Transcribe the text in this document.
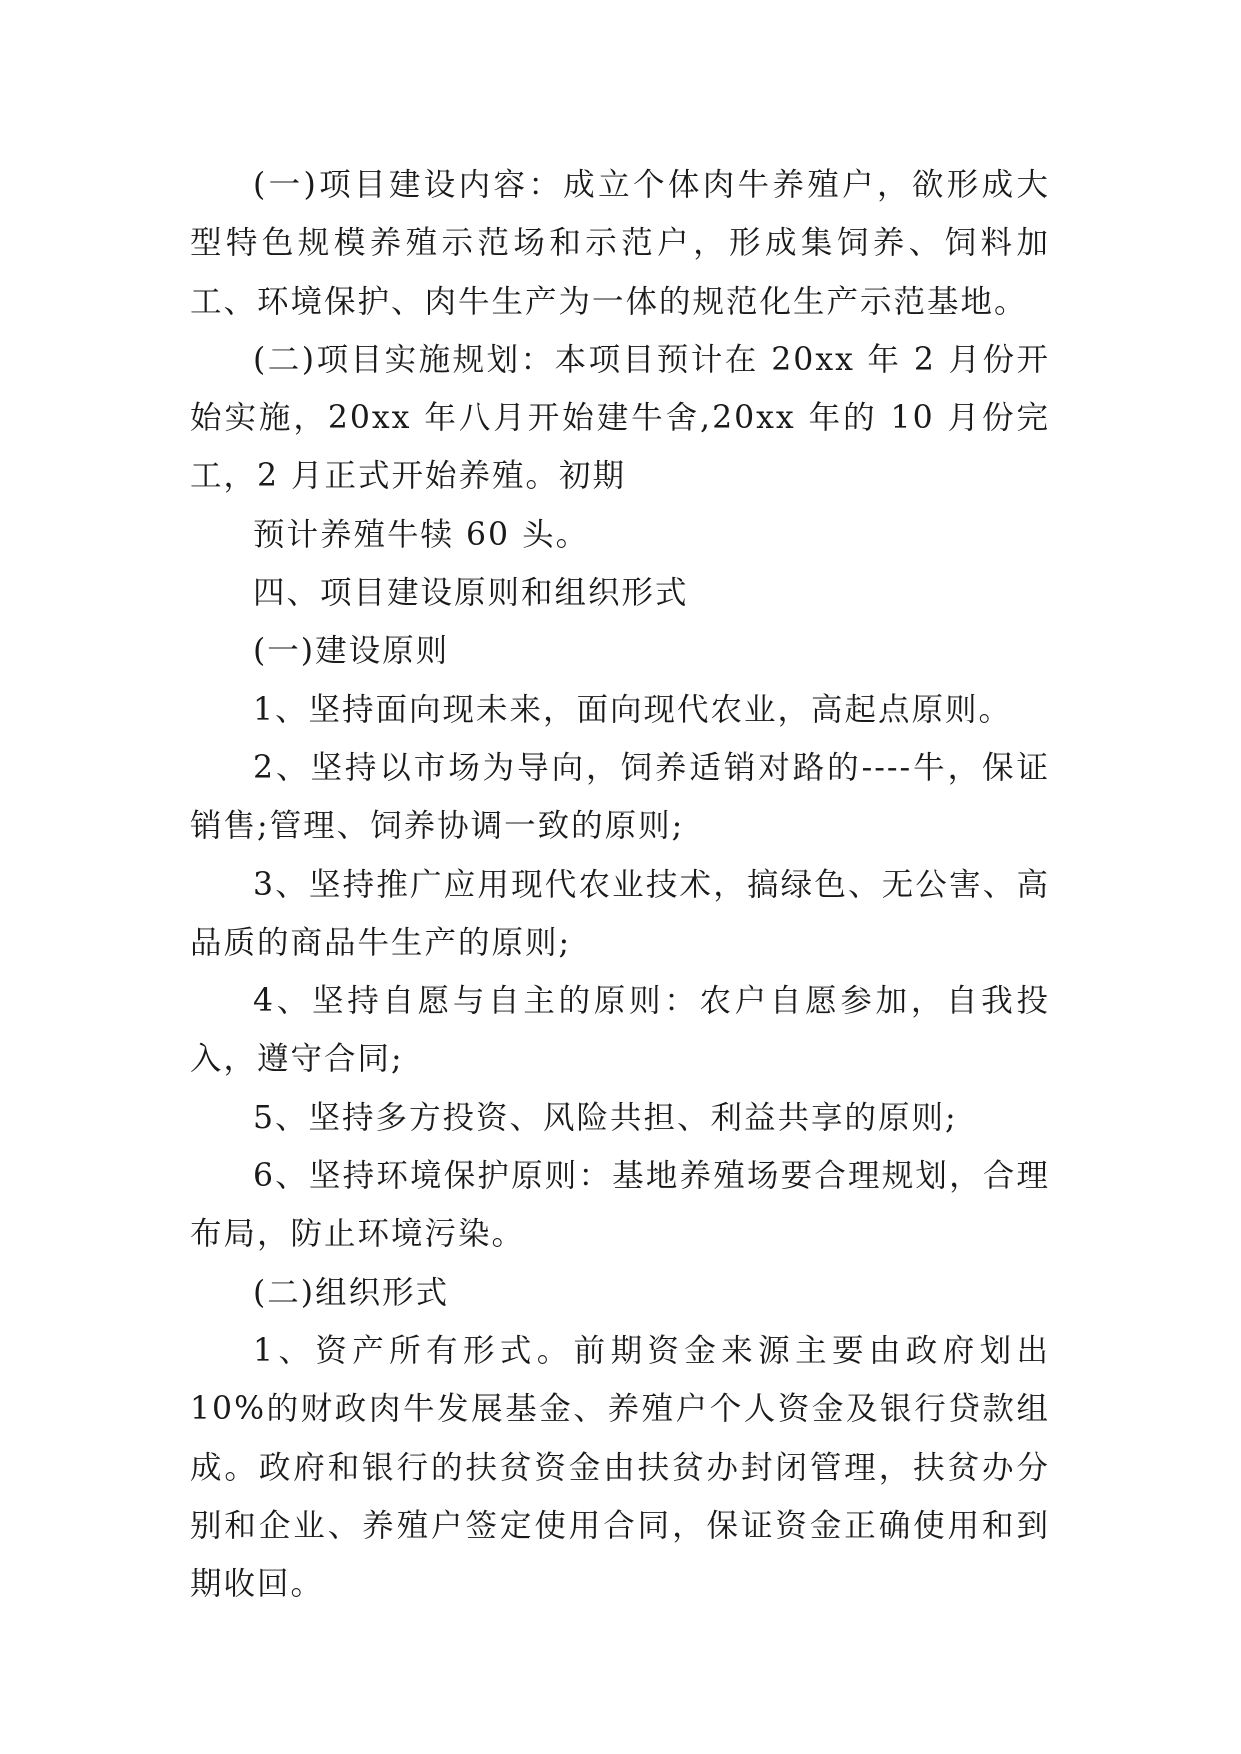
(一)项目建设内容：成立个体肉牛养殖户，欲形成大型特色规模养殖示范场和示范户，形成集饲养、饲料加工、环境保护、肉牛生产为一体的规范化生产示范基地。

(二)项目实施规划：本项目预计在 20xx 年 2 月份开始实施，20xx 年八月开始建牛舍,20xx 年的 10 月份完工，2 月正式开始养殖。初期

预计养殖牛犊 60 头。

四、项目建设原则和组织形式

(一)建设原则

1、坚持面向现未来，面向现代农业，高起点原则。

2、坚持以市场为导向，饲养适销对路的----牛，保证销售;管理、饲养协调一致的原则;

3、坚持推广应用现代农业技术，搞绿色、无公害、高品质的商品牛生产的原则;

4、坚持自愿与自主的原则：农户自愿参加，自我投入，遵守合同;

5、坚持多方投资、风险共担、利益共享的原则;

6、坚持环境保护原则：基地养殖场要合理规划，合理布局，防止环境污染。

(二)组织形式

1、资产所有形式。前期资金来源主要由政府划出 10%的财政肉牛发展基金、养殖户个人资金及银行贷款组成。政府和银行的扶贫资金由扶贫办封闭管理，扶贫办分别和企业、养殖户签定使用合同，保证资金正确使用和到期收回。
